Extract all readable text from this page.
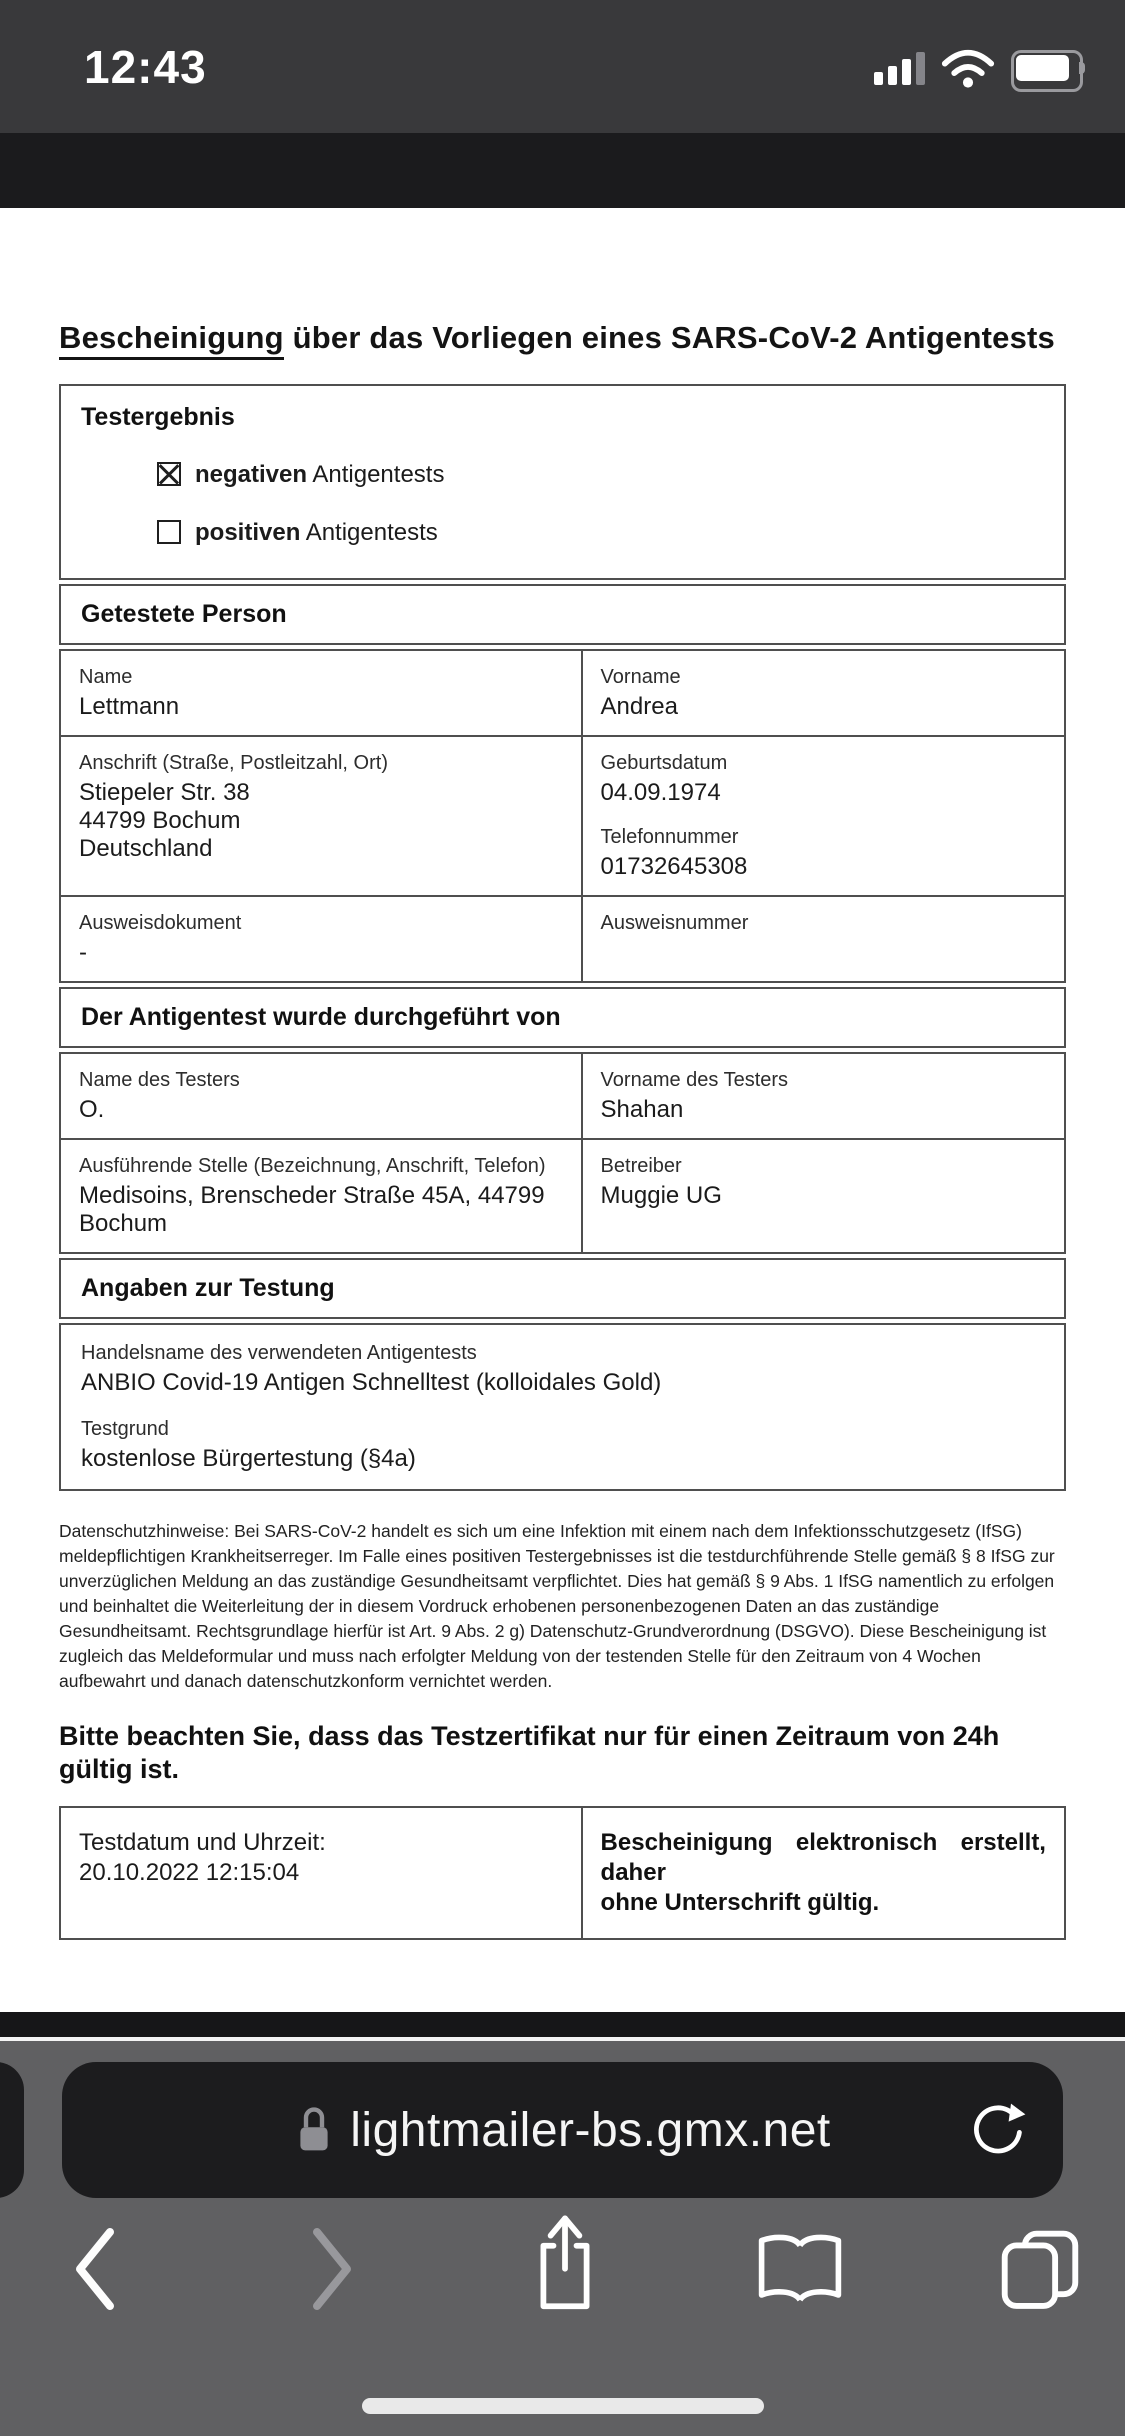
12:43
Bescheinigung über das Vorliegen eines SARS-CoV-2 Antigentests
Testergebnis
negativen Antigentests
positiven Antigentests
Getestete Person
Name
Lettmann
Vorname
Andrea
Anschrift (Straße, Postleitzahl, Ort)
Stiepeler Str. 38
44799 Bochum
Deutschland
Geburtsdatum
04.09.1974
Telefonnummer
01732645308
Ausweisdokument
-
Ausweisnummer
Der Antigentest wurde durchgeführt von
Name des Testers
O.
Vorname des Testers
Shahan
Ausführende Stelle (Bezeichnung, Anschrift, Telefon)
Medisoins, Brenscheder Straße 45A, 44799 Bochum
Betreiber
Muggie UG
Angaben zur Testung
Handelsname des verwendeten Antigentests
ANBIO Covid-19 Antigen Schnelltest (kolloidales Gold)
Testgrund
kostenlose Bürgertestung (§4a)
Datenschutzhinweise: Bei SARS-CoV-2 handelt es sich um eine Infektion mit einem nach dem Infektionsschutzgesetz (IfSG) meldepflichtigen Krankheitserreger. Im Falle eines positiven Testergebnisses ist die testdurchführende Stelle gemäß § 8 IfSG zur unverzüglichen Meldung an das zuständige Gesundheitsamt verpflichtet. Dies hat gemäß § 9 Abs. 1 IfSG namentlich zu erfolgen und beinhaltet die Weiterleitung der in diesem Vordruck erhobenen personenbezogenen Daten an das zuständige Gesundheitsamt. Rechtsgrundlage hierfür ist Art. 9 Abs. 2 g) Datenschutz-Grundverordnung (DSGVO). Diese Bescheinigung ist zugleich das Meldeformular und muss nach erfolgter Meldung von der testenden Stelle für den Zeitraum von 4 Wochen aufbewahrt und danach datenschutzkonform vernichtet werden.
Bitte beachten Sie, dass das Testzertifikat nur für einen Zeitraum von 24h gültig ist.
Testdatum und Uhrzeit:
20.10.2022 12:15:04
Bescheinigung elektronisch erstellt, daher
ohne Unterschrift gültig.
lightmailer-bs.gmx.net
